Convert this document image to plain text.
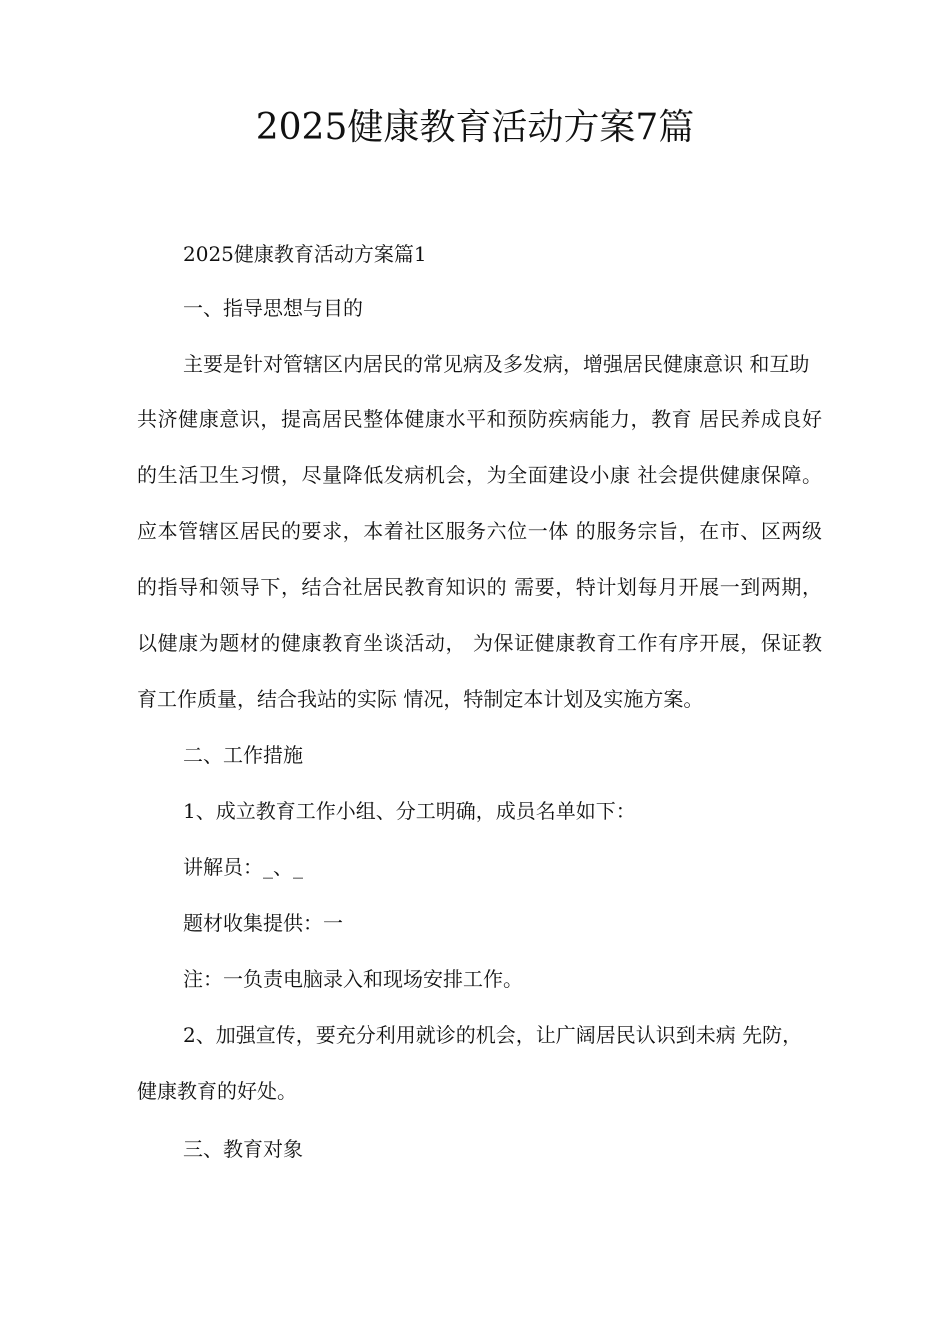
2025健康教育活动方案7篇

2025健康教育活动方案篇1

一、指导思想与目的

主要是针对管辖区内居民的常见病及多发病，增强居民健康意识 和互助

共济健康意识，提高居民整体健康水平和预防疾病能力，教育 居民养成良好

的生活卫生习惯，尽量降低发病机会，为全面建设小康 社会提供健康保障。

应本管辖区居民的要求，本着社区服务六位一体 的服务宗旨，在市、区两级

的指导和领导下，结合社居民教育知识的 需要，特计划每月开展一到两期，

以健康为题材的健康教育坐谈活动， 为保证健康教育工作有序开展，保证教

育工作质量，结合我站的实际 情况，特制定本计划及实施方案。

二、工作措施

1、成立教育工作小组、分工明确，成员名单如下：

讲解员：_、_

题材收集提供：一

注：一负责电脑录入和现场安排工作。

2、加强宣传，要充分利用就诊的机会，让广阔居民认识到未病 先防，

健康教育的好处。

三、教育对象
